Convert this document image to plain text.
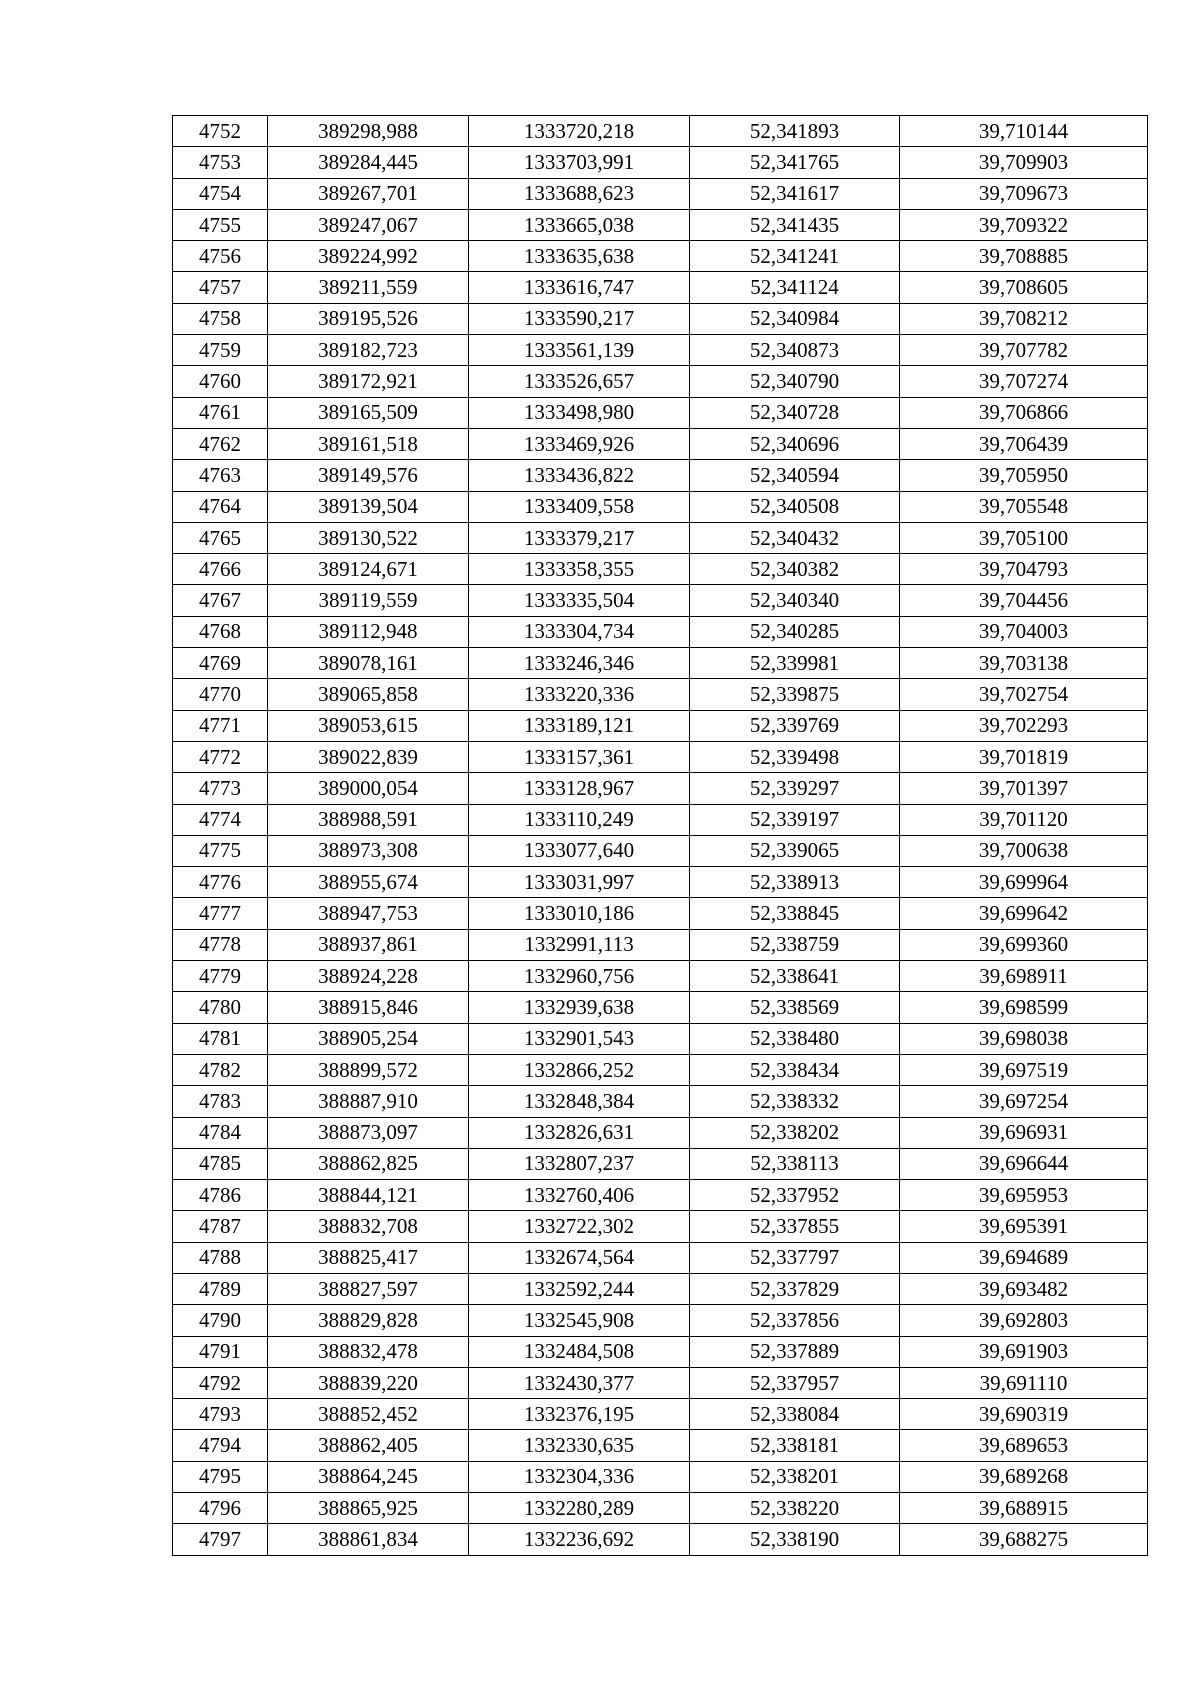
4752	389298,988	1333720,218	52,341893	39,710144
4753	389284,445	1333703,991	52,341765	39,709903
4754	389267,701	1333688,623	52,341617	39,709673
4755	389247,067	1333665,038	52,341435	39,709322
4756	389224,992	1333635,638	52,341241	39,708885
4757	389211,559	1333616,747	52,341124	39,708605
4758	389195,526	1333590,217	52,340984	39,708212
4759	389182,723	1333561,139	52,340873	39,707782
4760	389172,921	1333526,657	52,340790	39,707274
4761	389165,509	1333498,980	52,340728	39,706866
4762	389161,518	1333469,926	52,340696	39,706439
4763	389149,576	1333436,822	52,340594	39,705950
4764	389139,504	1333409,558	52,340508	39,705548
4765	389130,522	1333379,217	52,340432	39,705100
4766	389124,671	1333358,355	52,340382	39,704793
4767	389119,559	1333335,504	52,340340	39,704456
4768	389112,948	1333304,734	52,340285	39,704003
4769	389078,161	1333246,346	52,339981	39,703138
4770	389065,858	1333220,336	52,339875	39,702754
4771	389053,615	1333189,121	52,339769	39,702293
4772	389022,839	1333157,361	52,339498	39,701819
4773	389000,054	1333128,967	52,339297	39,701397
4774	388988,591	1333110,249	52,339197	39,701120
4775	388973,308	1333077,640	52,339065	39,700638
4776	388955,674	1333031,997	52,338913	39,699964
4777	388947,753	1333010,186	52,338845	39,699642
4778	388937,861	1332991,113	52,338759	39,699360
4779	388924,228	1332960,756	52,338641	39,698911
4780	388915,846	1332939,638	52,338569	39,698599
4781	388905,254	1332901,543	52,338480	39,698038
4782	388899,572	1332866,252	52,338434	39,697519
4783	388887,910	1332848,384	52,338332	39,697254
4784	388873,097	1332826,631	52,338202	39,696931
4785	388862,825	1332807,237	52,338113	39,696644
4786	388844,121	1332760,406	52,337952	39,695953
4787	388832,708	1332722,302	52,337855	39,695391
4788	388825,417	1332674,564	52,337797	39,694689
4789	388827,597	1332592,244	52,337829	39,693482
4790	388829,828	1332545,908	52,337856	39,692803
4791	388832,478	1332484,508	52,337889	39,691903
4792	388839,220	1332430,377	52,337957	39,691110
4793	388852,452	1332376,195	52,338084	39,690319
4794	388862,405	1332330,635	52,338181	39,689653
4795	388864,245	1332304,336	52,338201	39,689268
4796	388865,925	1332280,289	52,338220	39,688915
4797	388861,834	1332236,692	52,338190	39,688275
